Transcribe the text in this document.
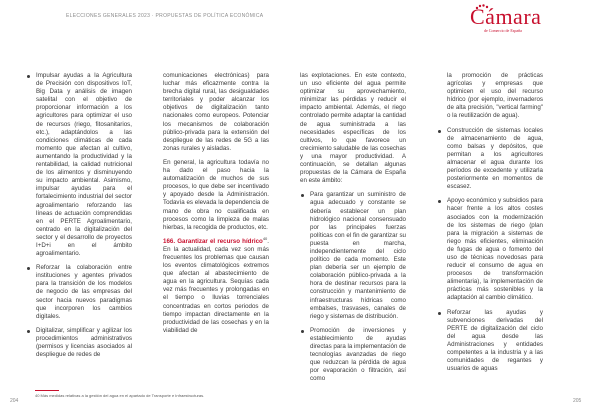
ELECCIONES GENERALES 2023 · PROPUESTAS DE POLÍTICA ECONÓMICA	Cámara
de Comercio de España
Impulsar ayudas a la Agricultura de Precisión con dispositivos IoT, Big Data y análisis de imagen satelital con el objetivo de proporcionar información a los agricultores para optimizar el uso de recursos (riego, fitosanitarios, etc.), adaptándolos a las condiciones climáticas de cada momento que afectan al cultivo, aumentando la productividad y la rentabilidad, la calidad nutricional de los alimentos y disminuyendo su impacto ambiental. Asimismo, impulsar ayudas para el fortalecimiento industrial del sector agroalimentario reforzando las líneas de actuación comprendidas en el PERTE Agroalimentario, centrado en la digitalización del sector y el desarrollo de proyectos I+D+i en el ámbito agroalimentario.
Reforzar la colaboración entre instituciones y agentes privados para la transición de los modelos de negocio de las empresas del sector hacia nuevos paradigmas que incorporen los cambios digitales.
Digitalizar, simplificar y agilizar los procedimientos administrativos (permisos y licencias asociados al despliegue de redes de
comunicaciones electrónicas) para luchar más eficazmente contra la brecha digital rural, las desigualdades territoriales y poder alcanzar los objetivos de digitalización tanto nacionales como europeos. Potenciar los mecanismos de colaboración público-privada para la extensión del despliegue de las redes de 5G a las zonas rurales y aisladas.
En general, la agricultura todavía no ha dado el paso hacia la automatización de muchos de sus procesos, lo que debe ser incentivado y apoyado desde la Administración. Todavía es elevada la dependencia de mano de obra no cualificada en procesos como la limpieza de malas hierbas, la recogida de productos, etc.
166. Garantizar el recurso hídrico$^{40}$. En la actualidad, cada vez son más frecuentes los problemas que causan los eventos climatológicos extremos que afectan al abastecimiento de agua en la agricultura. Sequías cada vez más frecuentes y prolongadas en el tiempo o lluvias torrenciales concentradas en cortos periodos de tiempo impactan directamente en la productividad de las cosechas y en la viabilidad de
las explotaciones. En este contexto, un uso eficiente del agua permite optimizar su aprovechamiento, minimizar las pérdidas y reducir el impacto ambiental. Además, el riego controlado permite adaptar la cantidad de agua suministrada a las necesidades específicas de los cultivos, lo que favorece un crecimiento saludable de las cosechas y una mayor productividad. A continuación, se detallan algunas propuestas de la Cámara de España en este ámbito:
Para garantizar un suministro de agua adecuado y constante se debería establecer un plan hidrológico nacional consensuado por las principales fuerzas políticas con el fin de garantizar su puesta en marcha, independientemente del ciclo político de cada momento. Este plan debería ser un ejemplo de colaboración público-privada a la hora de destinar recursos para la construcción y mantenimiento de infraestructuras hídricas como embalses, trasvases, canales de riego y sistemas de distribución.
Promoción de inversiones y establecimiento de ayudas directas para la implementación de tecnologías avanzadas de riego que reduzcan la pérdida de agua por evaporación o filtración, así como
la promoción de prácticas agrícolas y empresas que optimicen el uso del recurso hídrico (por ejemplo, invernaderos de alta precisión, "vertical farming" o la reutilización de agua).
Construcción de sistemas locales de almacenamiento de agua, como balsas y depósitos, que permitan a los agricultores almacenar el agua durante los períodos de excedente y utilizarla posteriormente en momentos de escasez.
Apoyo económico y subsidios para hacer frente a los altos costes asociados con la modernización de los sistemas de riego (plan para la migración a sistemas de riego más eficientes, eliminación de fugas de agua o fomento del uso de técnicas novedosas para reducir el consumo de agua en procesos de transformación alimentaria), la implementación de prácticas más sostenibles y la adaptación al cambio climático.
Reforzar las ayudas y subvenciones derivadas del PERTE de digitalización del ciclo del agua desde las Administraciones y entidades competentes a la industria y a las comunidades de regantes y usuarios de aguas
40 Más medidas relativas a la gestión del agua en el apartado de Transporte e Infraestructuras.
204	205
